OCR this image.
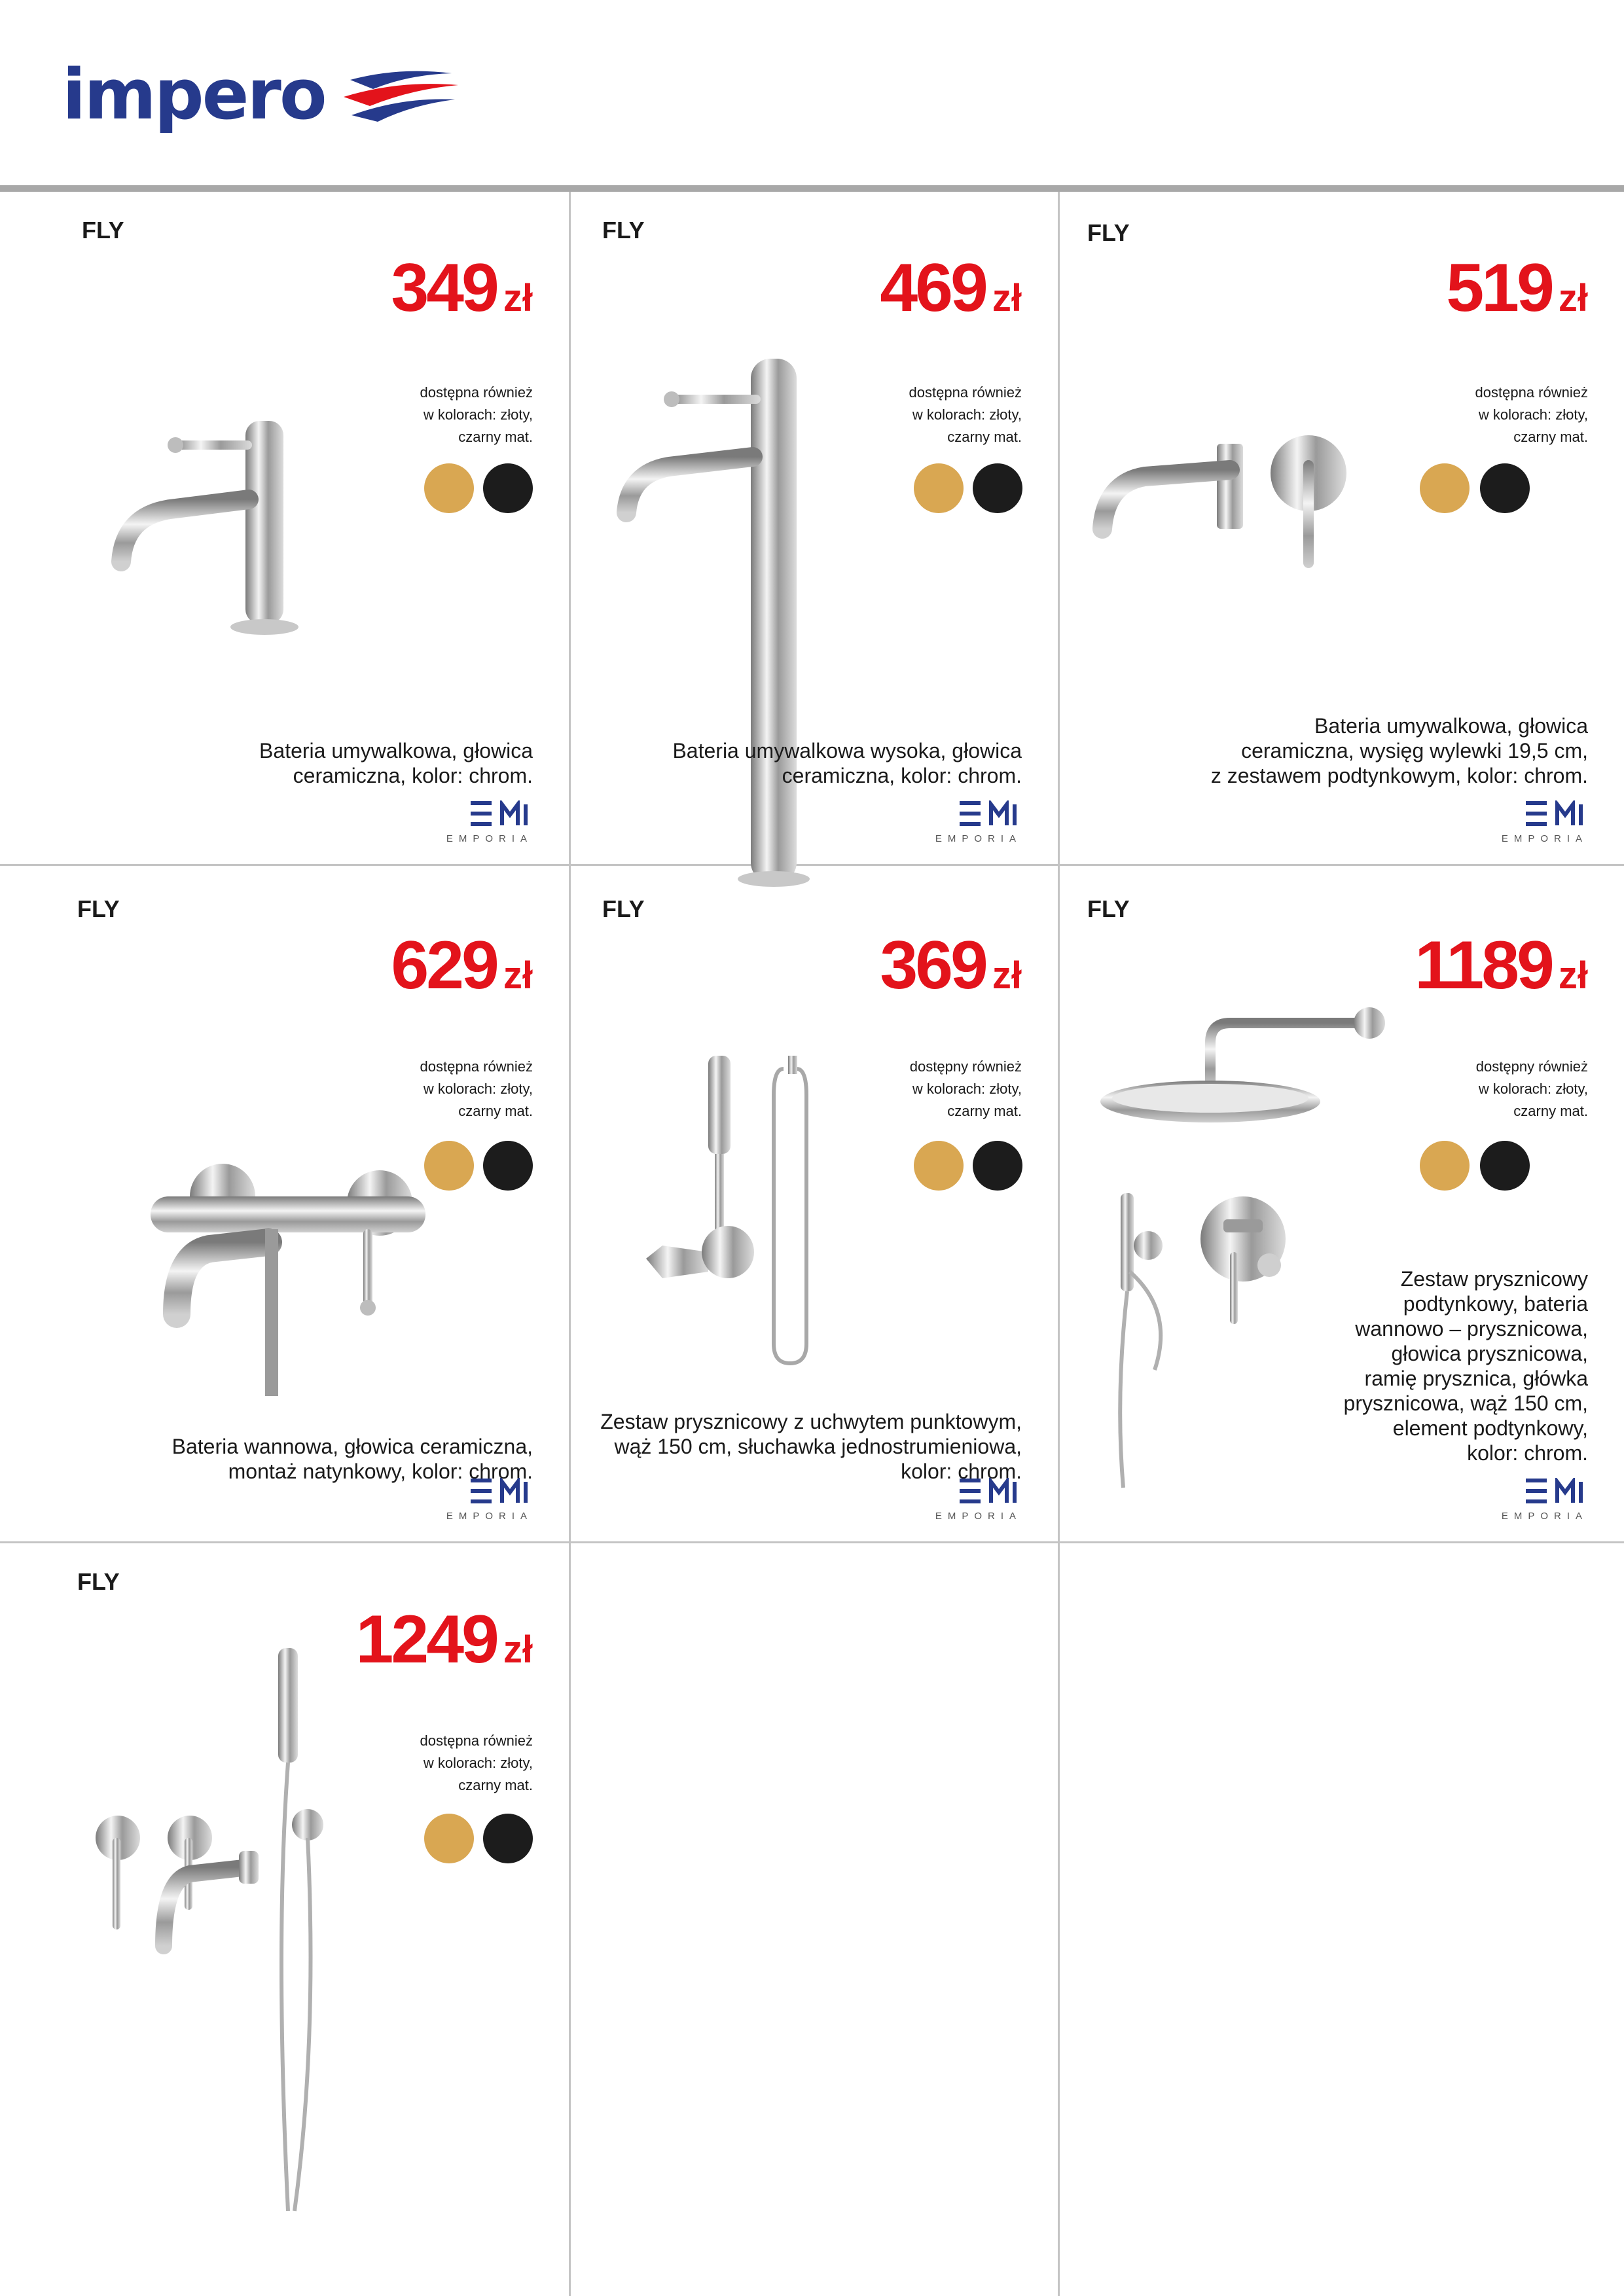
impero
FLY
349 zł
dostępna również
w kolorach: złoty,
czarny mat.
Bateria umywalkowa, głowica
ceramiczna, kolor: chrom.
EMPORIA
FLY
469 zł
dostępna również
w kolorach: złoty,
czarny mat.
Bateria umywalkowa wysoka, głowica
ceramiczna, kolor: chrom.
EMPORIA
FLY
519 zł
dostępna również
w kolorach: złoty,
czarny mat.
Bateria umywalkowa, głowica
ceramiczna, wysięg wylewki 19,5 cm,
z zestawem podtynkowym, kolor: chrom.
EMPORIA
FLY
629 zł
dostępna również
w kolorach: złoty,
czarny mat.
Bateria wannowa, głowica ceramiczna,
montaż natynkowy, kolor: chrom.
EMPORIA
FLY
369 zł
dostępny również
w kolorach: złoty,
czarny mat.
Zestaw prysznicowy z uchwytem punktowym,
wąż 150 cm, słuchawka jednostrumieniowa,
kolor: chrom.
EMPORIA
FLY
1189 zł
dostępny również
w kolorach: złoty,
czarny mat.
Zestaw prysznicowy
podtynkowy, bateria
wannowo – prysznicowa,
głowica prysznicowa,
ramię prysznica, główka
prysznicowa, wąż 150 cm,
element podtynkowy,
kolor: chrom.
EMPORIA
FLY
1249 zł
dostępna również
w kolorach: złoty,
czarny mat.
